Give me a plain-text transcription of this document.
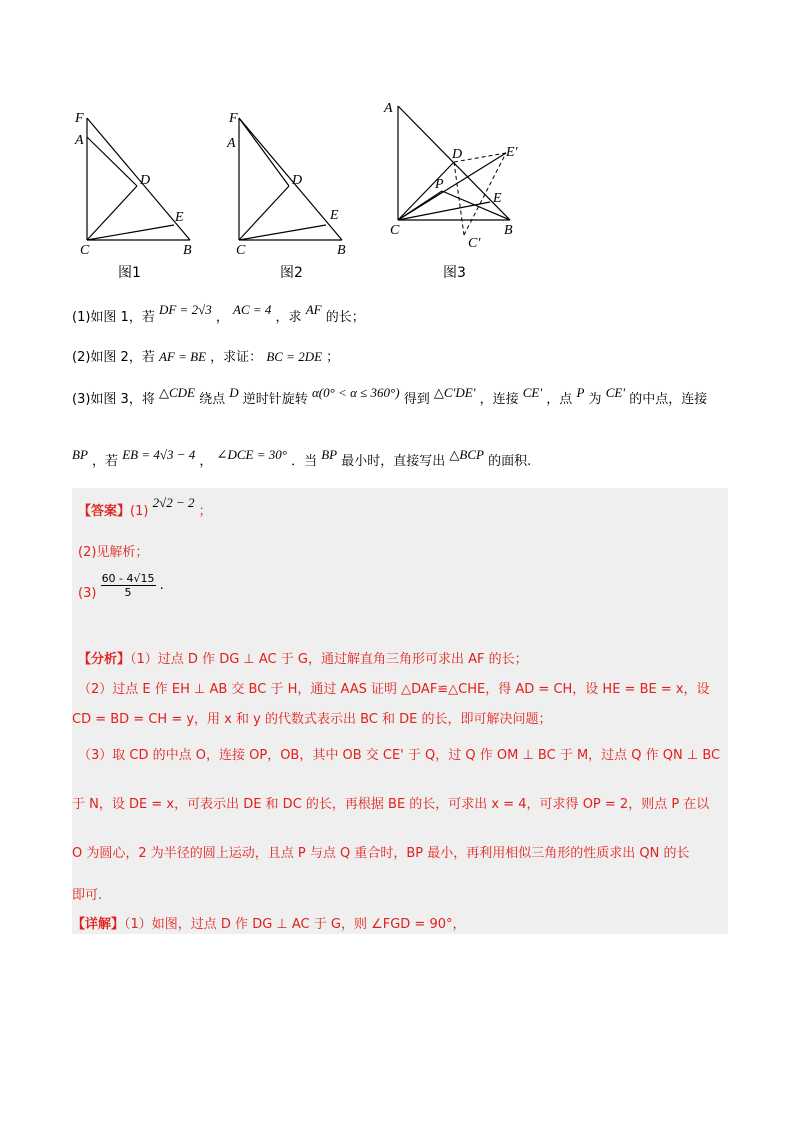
F
A
D
E
C	B
图1
F
A
D
E
C	B
图2
A
D	E'
P
E
C
C'
B
图3
(1)如图 1，若 DF = 2√3 ， AC = 4 ，求 AF 的长；
(2)如图 2，若 AF = BE ，求证： BC = 2DE ；
(3)如图 3，将 △CDE 绕点 D 逆时针旋转 α(0° < α ≤ 360°) 得到 △C'DE' ，连接 CE' ，点 P 为 CE' 的中点，连接
BP ，若 EB = 4√3 − 4 ， ∠DCE = 30° ．当 BP 最小时，直接写出 △BCP 的面积.
【答案】(1) 2√2 − 2 ；
(2)见解析；
$(3) \frac{60 - 4√15}{5}$ .
【分析】（1）过点 D 作 DG ⊥ AC 于 G，通过解直角三角形可求出 AF 的长；
（2）过点 E 作 EH ⊥ AB 交 BC 于 H，通过 AAS 证明 △DAF≌△CHE，得 AD = CH，设 HE = BE = x，设
CD = BD = CH = y，用 x 和 y 的代数式表示出 BC 和 DE 的长，即可解决问题；
（3）取 CD 的中点 O，连接 OP，OB，其中 OB 交 CE' 于 Q，过 Q 作 OM ⊥ BC 于 M，过点 Q 作 QN ⊥ BC
于 N，设 DE = x，可表示出 DE 和 DC 的长，再根据 BE 的长，可求出 x = 4，可求得 OP = 2，则点 P 在以
O 为圆心，2 为半径的圆上运动，且点 P 与点 Q 重合时，BP 最小，再利用相似三角形的性质求出 QN 的长
即可.
【详解】（1）如图，过点 D 作 DG ⊥ AC 于 G，则 ∠FGD = 90°，
